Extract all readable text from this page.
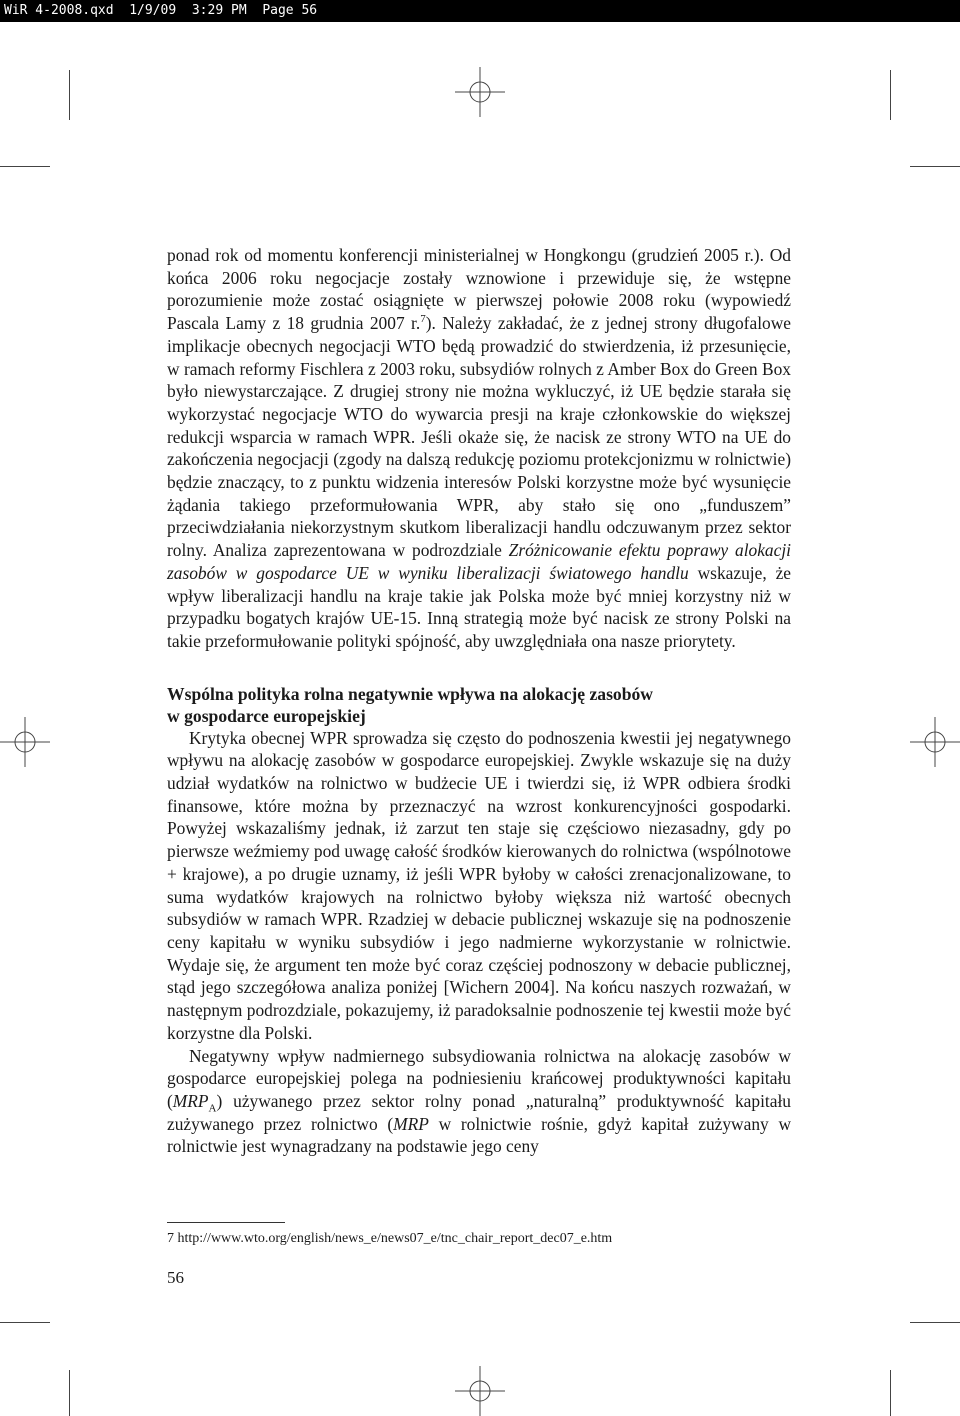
WiR 4-2008.qxd 1/9/09 3:29 PM Page 56

ponad rok od momentu konferencji ministerialnej w Hongkongu (grudzień 2005 r.). Od końca 2006 roku negocjacje zostały wznowione i przewiduje się, że wstępne porozumienie może zostać osiągnięte w pierwszej połowie 2008 roku (wypowiedź Pascala Lamy z 18 grudnia 2007 r.$^7$). Należy zakładać, że z jednej strony długofalowe implikacje obecnych negocjacji WTO będą prowadzić do stwierdzenia, iż przesunięcie, w ramach reformy Fischlera z 2003 roku, subsydiów rolnych z Amber Box do Green Box było niewystarczające. Z drugiej strony nie można wykluczyć, iż UE będzie starała się wykorzystać negocjacje WTO do wywarcia presji na kraje członkowskie do większej redukcji wsparcia w ramach WPR. Jeśli okaże się, że nacisk ze strony WTO na UE do zakończenia negocjacji (zgody na dalszą redukcję poziomu protekcjonizmu w rolnictwie) będzie znaczący, to z punktu widzenia interesów Polski korzystne może być wysunięcie żądania takiego przeformułowania WPR, aby stało się ono „funduszem” przeciwdziałania niekorzystnym skutkom liberalizacji handlu odczuwanym przez sektor rolny. Analiza zaprezentowana w podrozdziale Zróżnicowanie efektu poprawy alokacji zasobów w gospodarce UE w wyniku liberalizacji światowego handlu wskazuje, że wpływ liberalizacji handlu na kraje takie jak Polska może być mniej korzystny niż w przypadku bogatych krajów UE-15. Inną strategią może być nacisk ze strony Polski na takie przeformułowanie polityki spójność, aby uwzględniała ona nasze priorytety.

Wspólna polityka rolna negatywnie wpływa na alokację zasobów
w gospodarce europejskiej

Krytyka obecnej WPR sprowadza się często do podnoszenia kwestii jej negatywnego wpływu na alokację zasobów w gospodarce europejskiej. Zwykle wskazuje się na duży udział wydatków na rolnictwo w budżecie UE i twierdzi się, iż WPR odbiera środki finansowe, które można by przeznaczyć na wzrost konkurencyjności gospodarki. Powyżej wskazaliśmy jednak, iż zarzut ten staje się częściowo niezasadny, gdy po pierwsze weźmiemy pod uwagę całość środków kierowanych do rolnictwa (wspólnotowe + krajowe), a po drugie uznamy, iż jeśli WPR byłoby w całości zrenacjonalizowane, to suma wydatków krajowych na rolnictwo byłoby większa niż wartość obecnych subsydiów w ramach WPR. Rzadziej w debacie publicznej wskazuje się na podnoszenie ceny kapitału w wyniku subsydiów i jego nadmierne wykorzystanie w rolnictwie. Wydaje się, że argument ten może być coraz częściej podnoszony w debacie publicznej, stąd jego szczegółowa analiza poniżej [Wichern 2004]. Na końcu naszych rozważań, w następnym podrozdziale, pokazujemy, iż paradoksalnie podnoszenie tej kwestii może być korzystne dla Polski.

Negatywny wpływ nadmiernego subsydiowania rolnictwa na alokację zasobów w gospodarce europejskiej polega na podniesieniu krańcowej produktywności kapitału $(MRP_A)$ używanego przez sektor rolny ponad „naturalną” produktywność kapitału zużywanego przez rolnictwo (MRP w rolnictwie rośnie, gdyż kapitał zużywany w rolnictwie jest wynagradzany na podstawie jego ceny

7 http://www.wto.org/english/news_e/news07_e/tnc_chair_report_dec07_e.htm
56
